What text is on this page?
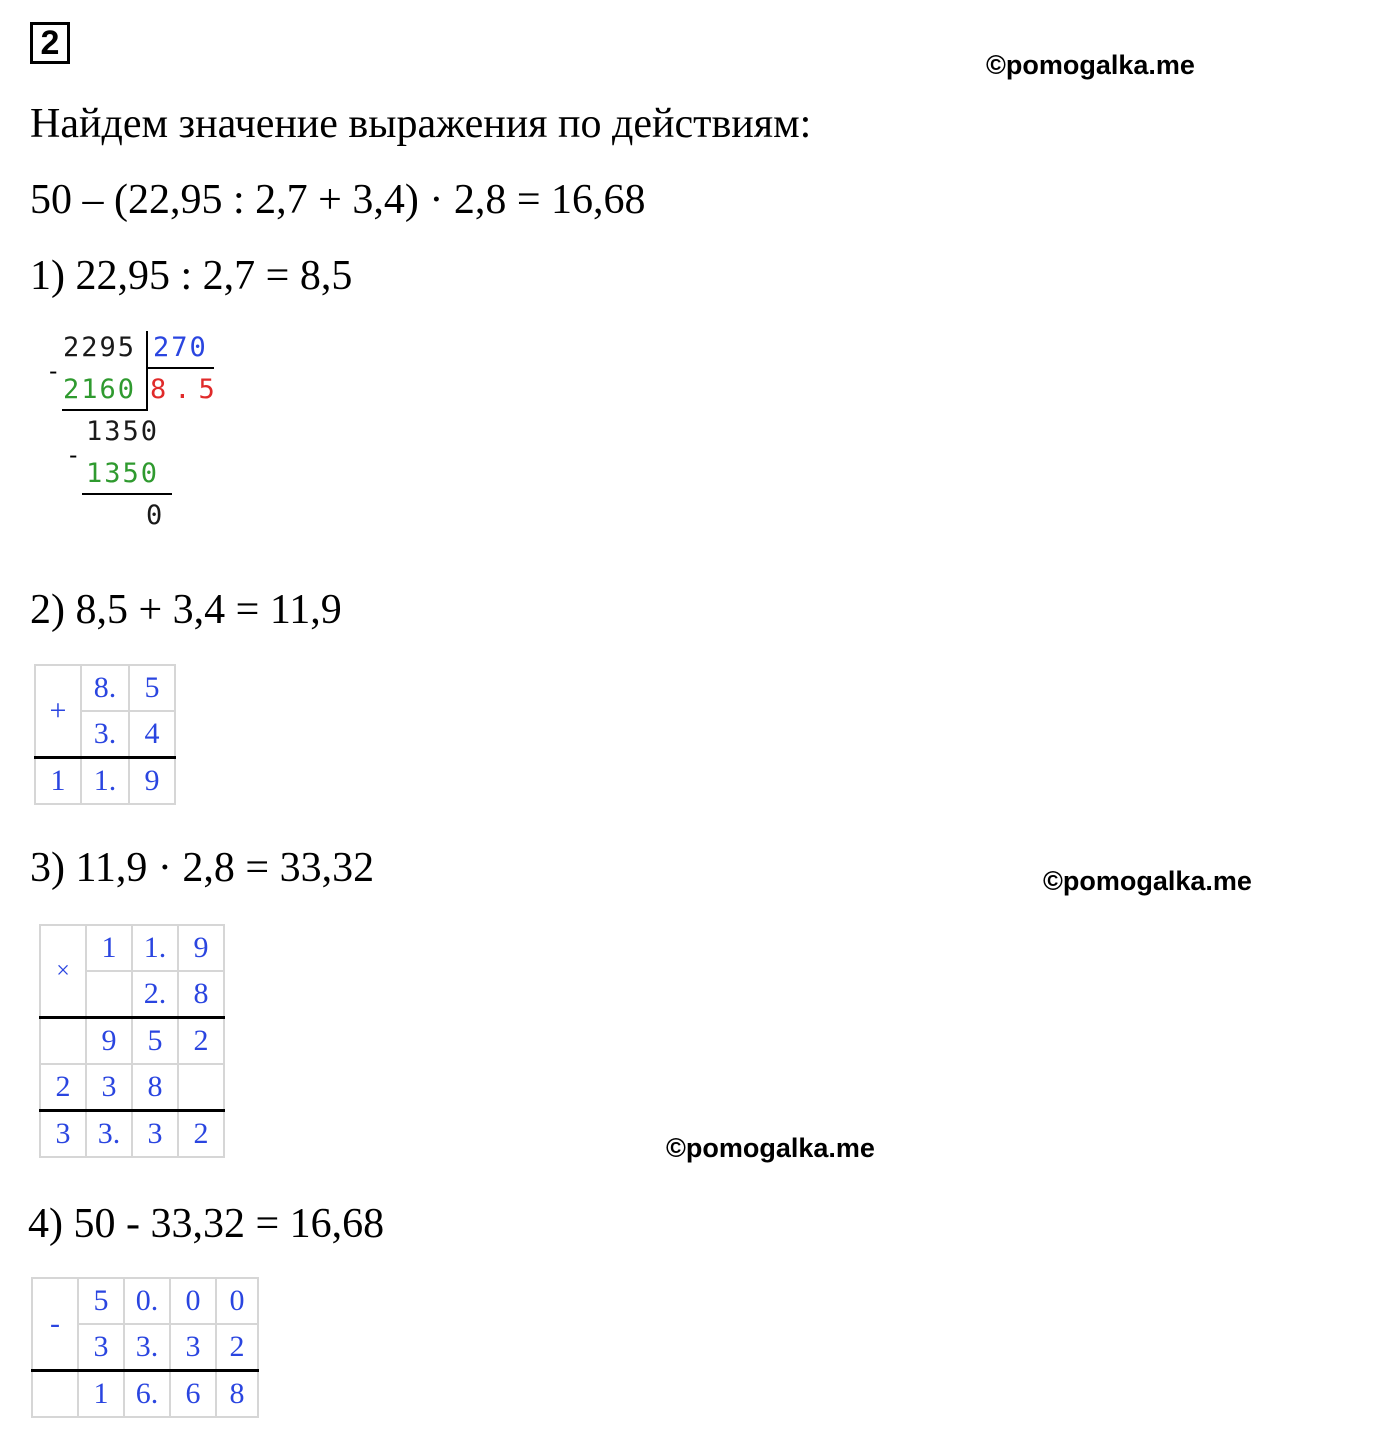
2
©pomogalka.me
©pomogalka.me
©pomogalka.me
Найдем значение выражения по действиям:
50 – (22,95 : 2,7 + 3,4) · 2,8 = 16,68
1) 22,95 : 2,7 = 8,5
2295 270
-
2160 8.5
1350
-
1350
0
2) 8,5 + 3,4 = 11,9
+	8.	5
	3.	4
1	1.	9
3) 11,9 · 2,8 = 33,32
×	1	1.	9
		2.	8
	9	5	2
2	3	8	
3	3.	3	2
4) 50 - 33,32 = 16,68
-	5	0.	0	0
	3	3.	3	2
	1	6.	6	8
